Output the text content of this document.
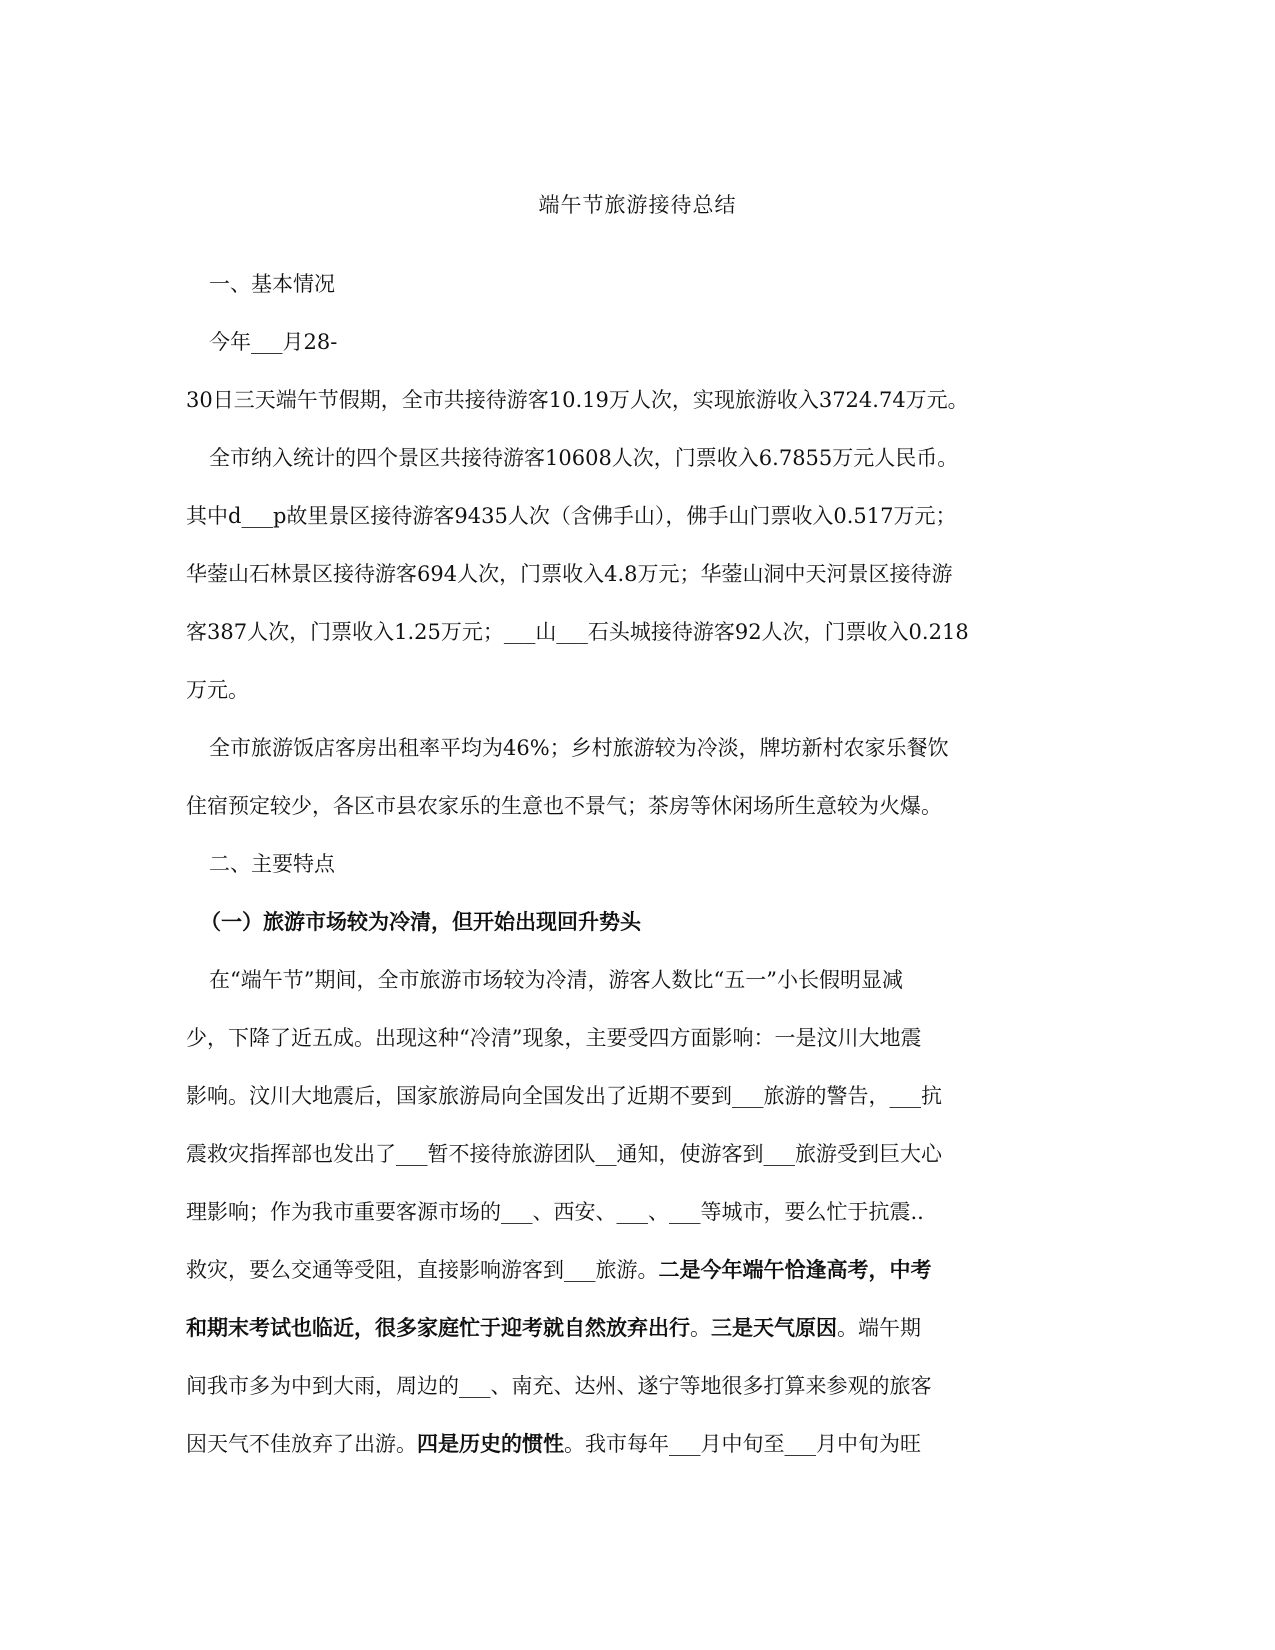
端午节旅游接待总结
一、基本情况
今年___月28-
30日三天端午节假期，全市共接待游客10.19万人次，实现旅游收入3724.74万元。
全市纳入统计的四个景区共接待游客10608人次，门票收入6.7855万元人民币。
其中d___p故里景区接待游客9435人次（含佛手山），佛手山门票收入0.517万元；
华蓥山石林景区接待游客694人次，门票收入4.8万元；华蓥山洞中天河景区接待游
客387人次，门票收入1.25万元；___山___石头城接待游客92人次，门票收入0.218
万元。
全市旅游饭店客房出租率平均为46%；乡村旅游较为冷淡，牌坊新村农家乐餐饮
住宿预定较少，各区市县农家乐的生意也不景气；茶房等休闲场所生意较为火爆。
二、主要特点
（一）旅游市场较为冷清，但开始出现回升势头
在“端午节”期间，全市旅游市场较为冷清，游客人数比“五一”小长假明显减
少，下降了近五成。出现这种“冷清”现象，主要受四方面影响：一是汶川大地震
影响。汶川大地震后，国家旅游局向全国发出了近期不要到___旅游的警告，___抗
震救灾指挥部也发出了___暂不接待旅游团队__通知，使游客到___旅游受到巨大心
理影响；作为我市重要客源市场的___、西安、___、___等城市，要么忙于抗震..
救灾，要么交通等受阻，直接影响游客到___旅游。二是今年端午恰逢高考，中考
和期末考试也临近，很多家庭忙于迎考就自然放弃出行。三是天气原因。端午期
间我市多为中到大雨，周边的___、南充、达州、遂宁等地很多打算来参观的旅客
因天气不佳放弃了出游。四是历史的惯性。我市每年___月中旬至___月中旬为旺
